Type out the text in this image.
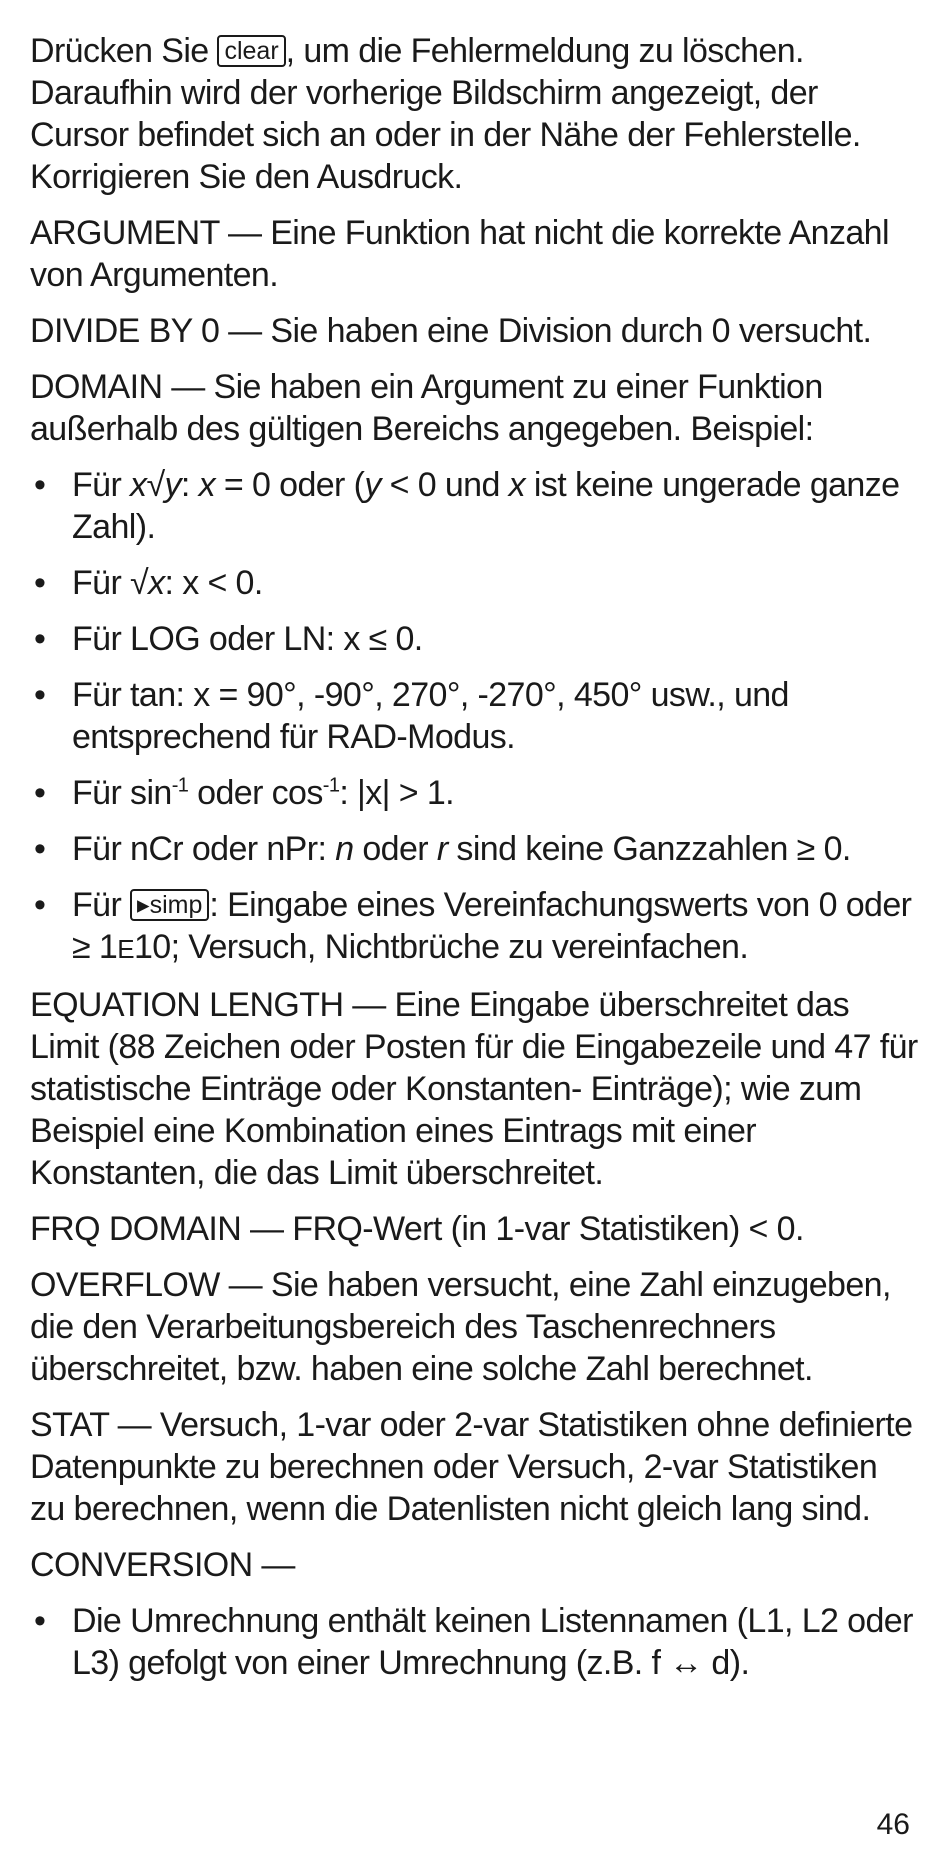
Drücken Sie clear , um die Fehlermeldung zu löschen. Daraufhin wird der vorherige Bildschirm angezeigt, der Cursor befindet sich an oder in der Nähe der Fehlerstelle. Korrigieren Sie den Ausdruck.

ARGUMENT — Eine Funktion hat nicht die korrekte Anzahl von Argumenten.

DIVIDE BY 0 — Sie haben eine Division durch 0 versucht.

DOMAIN — Sie haben ein Argument zu einer Funktion außerhalb des gültigen Bereichs angegeben. Beispiel:

• Für x√y: x = 0 oder (y < 0 und x ist keine ungerade ganze Zahl).
• Für √x: x < 0.
• Für LOG oder LN: x ≤ 0.
• Für tan: x = 90°, -90°, 270°, -270°, 450° usw., und entsprechend für RAD-Modus.
• Für $\sin^{-1}$ oder $\cos^{-1}$: |x| > 1.
• Für nCr oder nPr: n oder r sind keine Ganzzahlen ≥ 0.
• Für ▸simp : Eingabe eines Vereinfachungswerts von 0 oder ≥ 1E10; Versuch, Nichtbrüche zu vereinfachen.

EQUATION LENGTH — Eine Eingabe überschreitet das Limit (88 Zeichen oder Posten für die Eingabezeile und 47 für statistische Einträge oder Konstanten- Einträge); wie zum Beispiel eine Kombination eines Eintrags mit einer Konstanten, die das Limit überschreitet.

FRQ DOMAIN — FRQ-Wert (in 1-var Statistiken) < 0.

OVERFLOW — Sie haben versucht, eine Zahl einzugeben, die den Verarbeitungsbereich des Taschenrechners überschreitet, bzw. haben eine solche Zahl berechnet.

STAT — Versuch, 1-var oder 2-var Statistiken ohne definierte Datenpunkte zu berechnen oder Versuch, 2-var Statistiken zu berechnen, wenn die Datenlisten nicht gleich lang sind.

CONVERSION —

• Die Umrechnung enthält keinen Listennamen (L1, L2 oder L3) gefolgt von einer Umrechnung (z.B. f ↔ d).
46
